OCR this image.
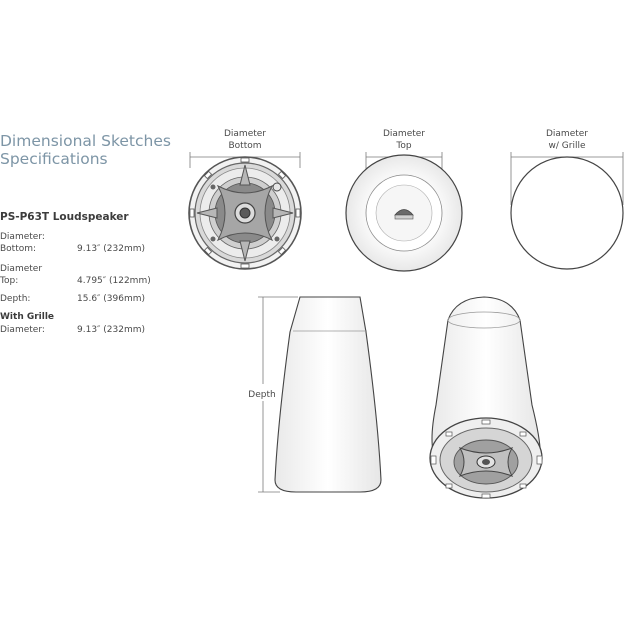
Dimensional Sketches
Specifications
PS-P63T Loudspeaker
Diameter:
Bottom:	9.13″ (232mm)
Diameter
Top:	4.795″ (122mm)
Depth:	15.6″ (396mm)
With Grille
Diameter:	9.13″ (232mm)
Diameter
Bottom
Diameter
Top
Diameter
w/ Grille
Depth
